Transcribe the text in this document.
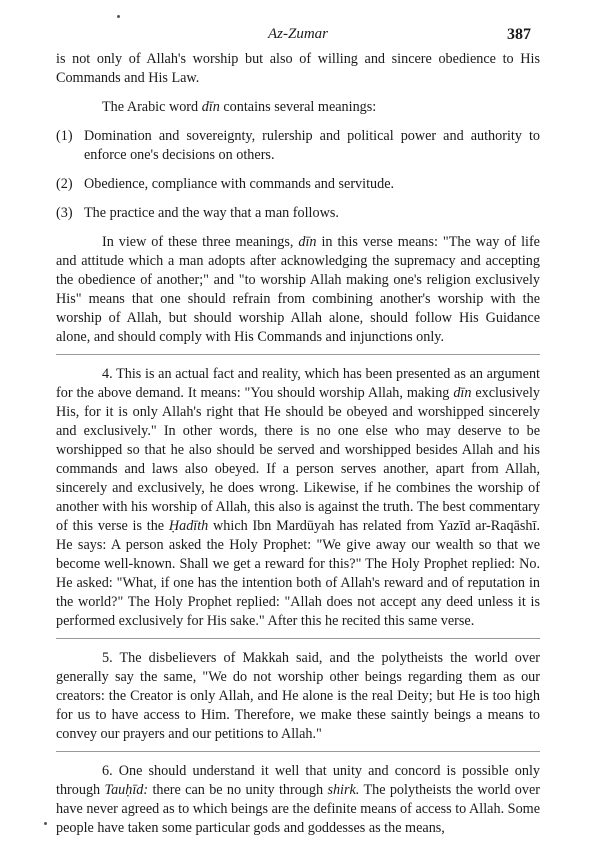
Az-Zumar	387

is not only of Allah's worship but also of willing and sincere obedience to His Commands and His Law.

The Arabic word dīn contains several meanings:

(1) Domination and sovereignty, rulership and political power and authority to enforce one's decisions on others.
(2) Obedience, compliance with commands and servitude.
(3) The practice and the way that a man follows.

In view of these three meanings, dīn in this verse means: "The way of life and attitude which a man adopts after acknowledging the supremacy and accepting the obedience of another;" and "to worship Allah making one's religion exclusively His" means that one should refrain from combining another's worship with the worship of Allah, but should worship Allah alone, should follow His Guidance alone, and should comply with His Commands and injunctions only.

4. This is an actual fact and reality, which has been presented as an argument for the above demand. It means: "You should worship Allah, making dīn exclusively His, for it is only Allah's right that He should be obeyed and worshipped sincerely and exclusively." In other words, there is no one else who may deserve to be worshipped so that he also should be served and worshipped besides Allah and his commands and laws also obeyed. If a person serves another, apart from Allah, sincerely and exclusively, he does wrong. Likewise, if he combines the worship of another with his worship of Allah, this also is against the truth. The best commentary of this verse is the Ḥadīth which Ibn Mardūyah has related from Yazīd ar-Raqāshī. He says: A person asked the Holy Prophet: "We give away our wealth so that we become well-known. Shall we get a reward for this?" The Holy Prophet replied: No. He asked: "What, if one has the intention both of Allah's reward and of reputation in the world?" The Holy Prophet replied: "Allah does not accept any deed unless it is performed exclusively for His sake." After this he recited this same verse.

5. The disbelievers of Makkah said, and the polytheists the world over generally say the same, "We do not worship other beings regarding them as our creators: the Creator is only Allah, and He alone is the real Deity; but He is too high for us to have access to Him. Therefore, we make these saintly beings a means to convey our prayers and our petitions to Allah."

6. One should understand it well that unity and concord is possible only through Tauḥīd: there can be no unity through shirk. The polytheists the world over have never agreed as to which beings are the definite means of access to Allah. Some people have taken some particular gods and goddesses as the means,
